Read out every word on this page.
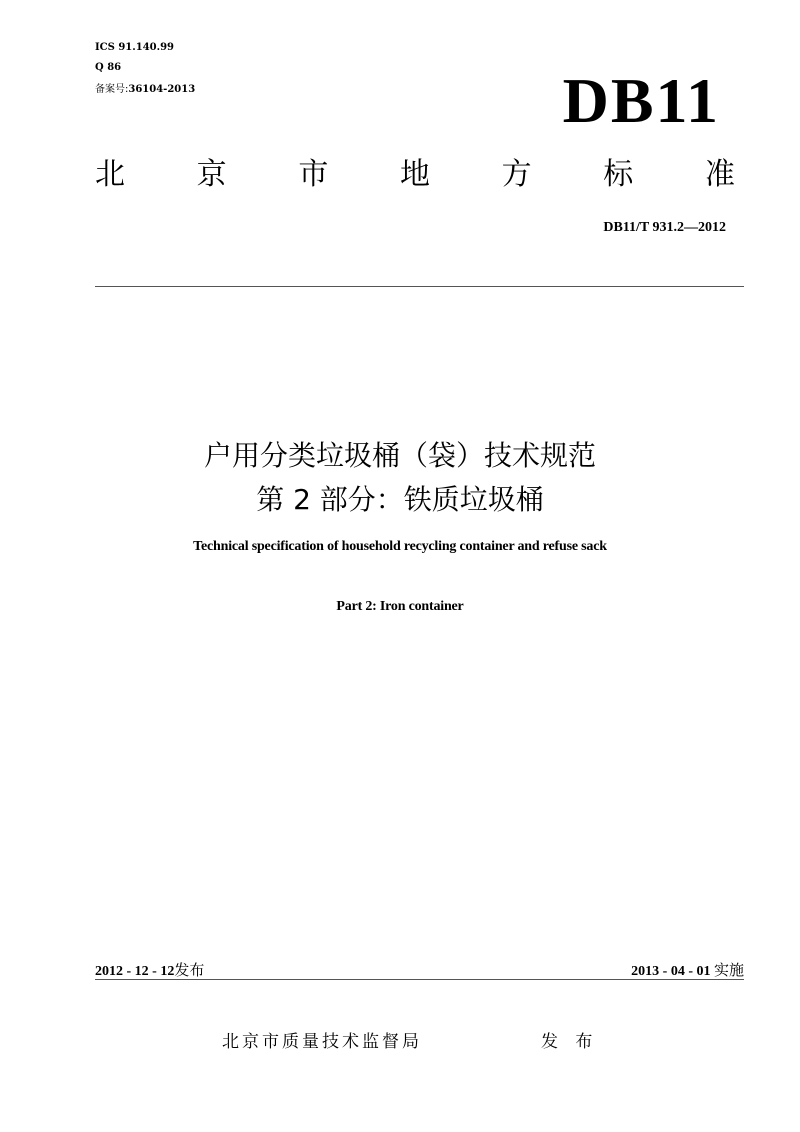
ICS 91.140.99
Q 86
备案号:36104-2013	DB11
北 京 市 地 方 标 准
DB11/T 931.2—2012
户用分类垃圾桶（袋）技术规范
第 2 部分：铁质垃圾桶
Technical specification of household recycling container and refuse sack
Part 2: Iron container
2012 - 12 - 12发布	2013 - 04 - 01 实施
北京市质量技术监督局	发 布
